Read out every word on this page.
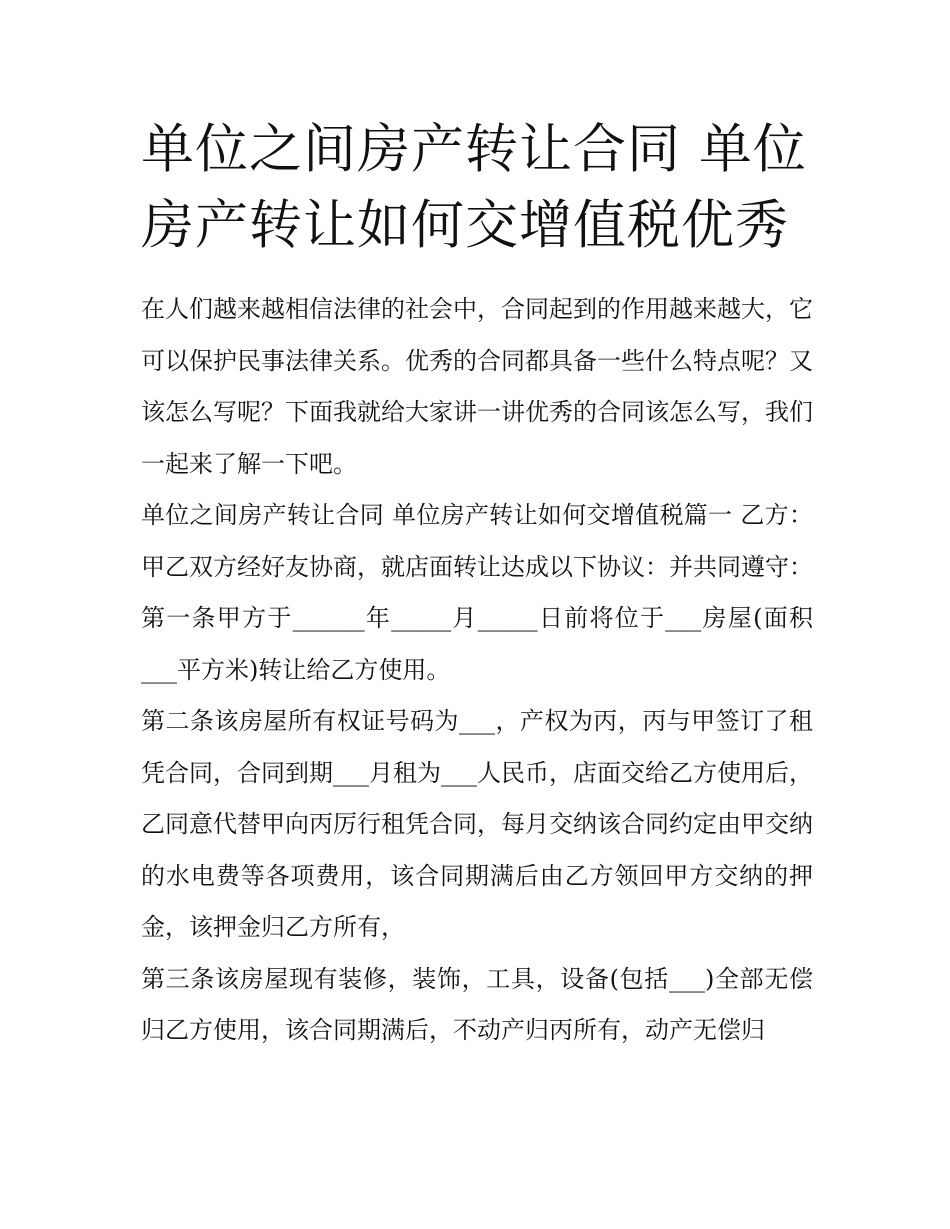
单位之间房产转让合同 单位房产转让如何交增值税优秀

在人们越来越相信法律的社会中，合同起到的作用越来越大，它可以保护民事法律关系。优秀的合同都具备一些什么特点呢？又该怎么写呢？下面我就给大家讲一讲优秀的合同该怎么写，我们一起来了解一下吧。

单位之间房产转让合同 单位房产转让如何交增值税篇一 乙方： 甲乙双方经好友协商，就店面转让达成以下协议：并共同遵守：

第一条甲方于______年_____月_____日前将位于___房屋(面积___平方米)转让给乙方使用。

第二条该房屋所有权证号码为___，产权为丙，丙与甲签订了租凭合同，合同到期___月租为___人民币，店面交给乙方使用后，乙同意代替甲向丙厉行租凭合同，每月交纳该合同约定由甲交纳的水电费等各项费用，该合同期满后由乙方领回甲方交纳的押金，该押金归乙方所有，

第三条该房屋现有装修，装饰，工具，设备(包括___)全部无偿归乙方使用，该合同期满后，不动产归丙所有，动产无偿归
